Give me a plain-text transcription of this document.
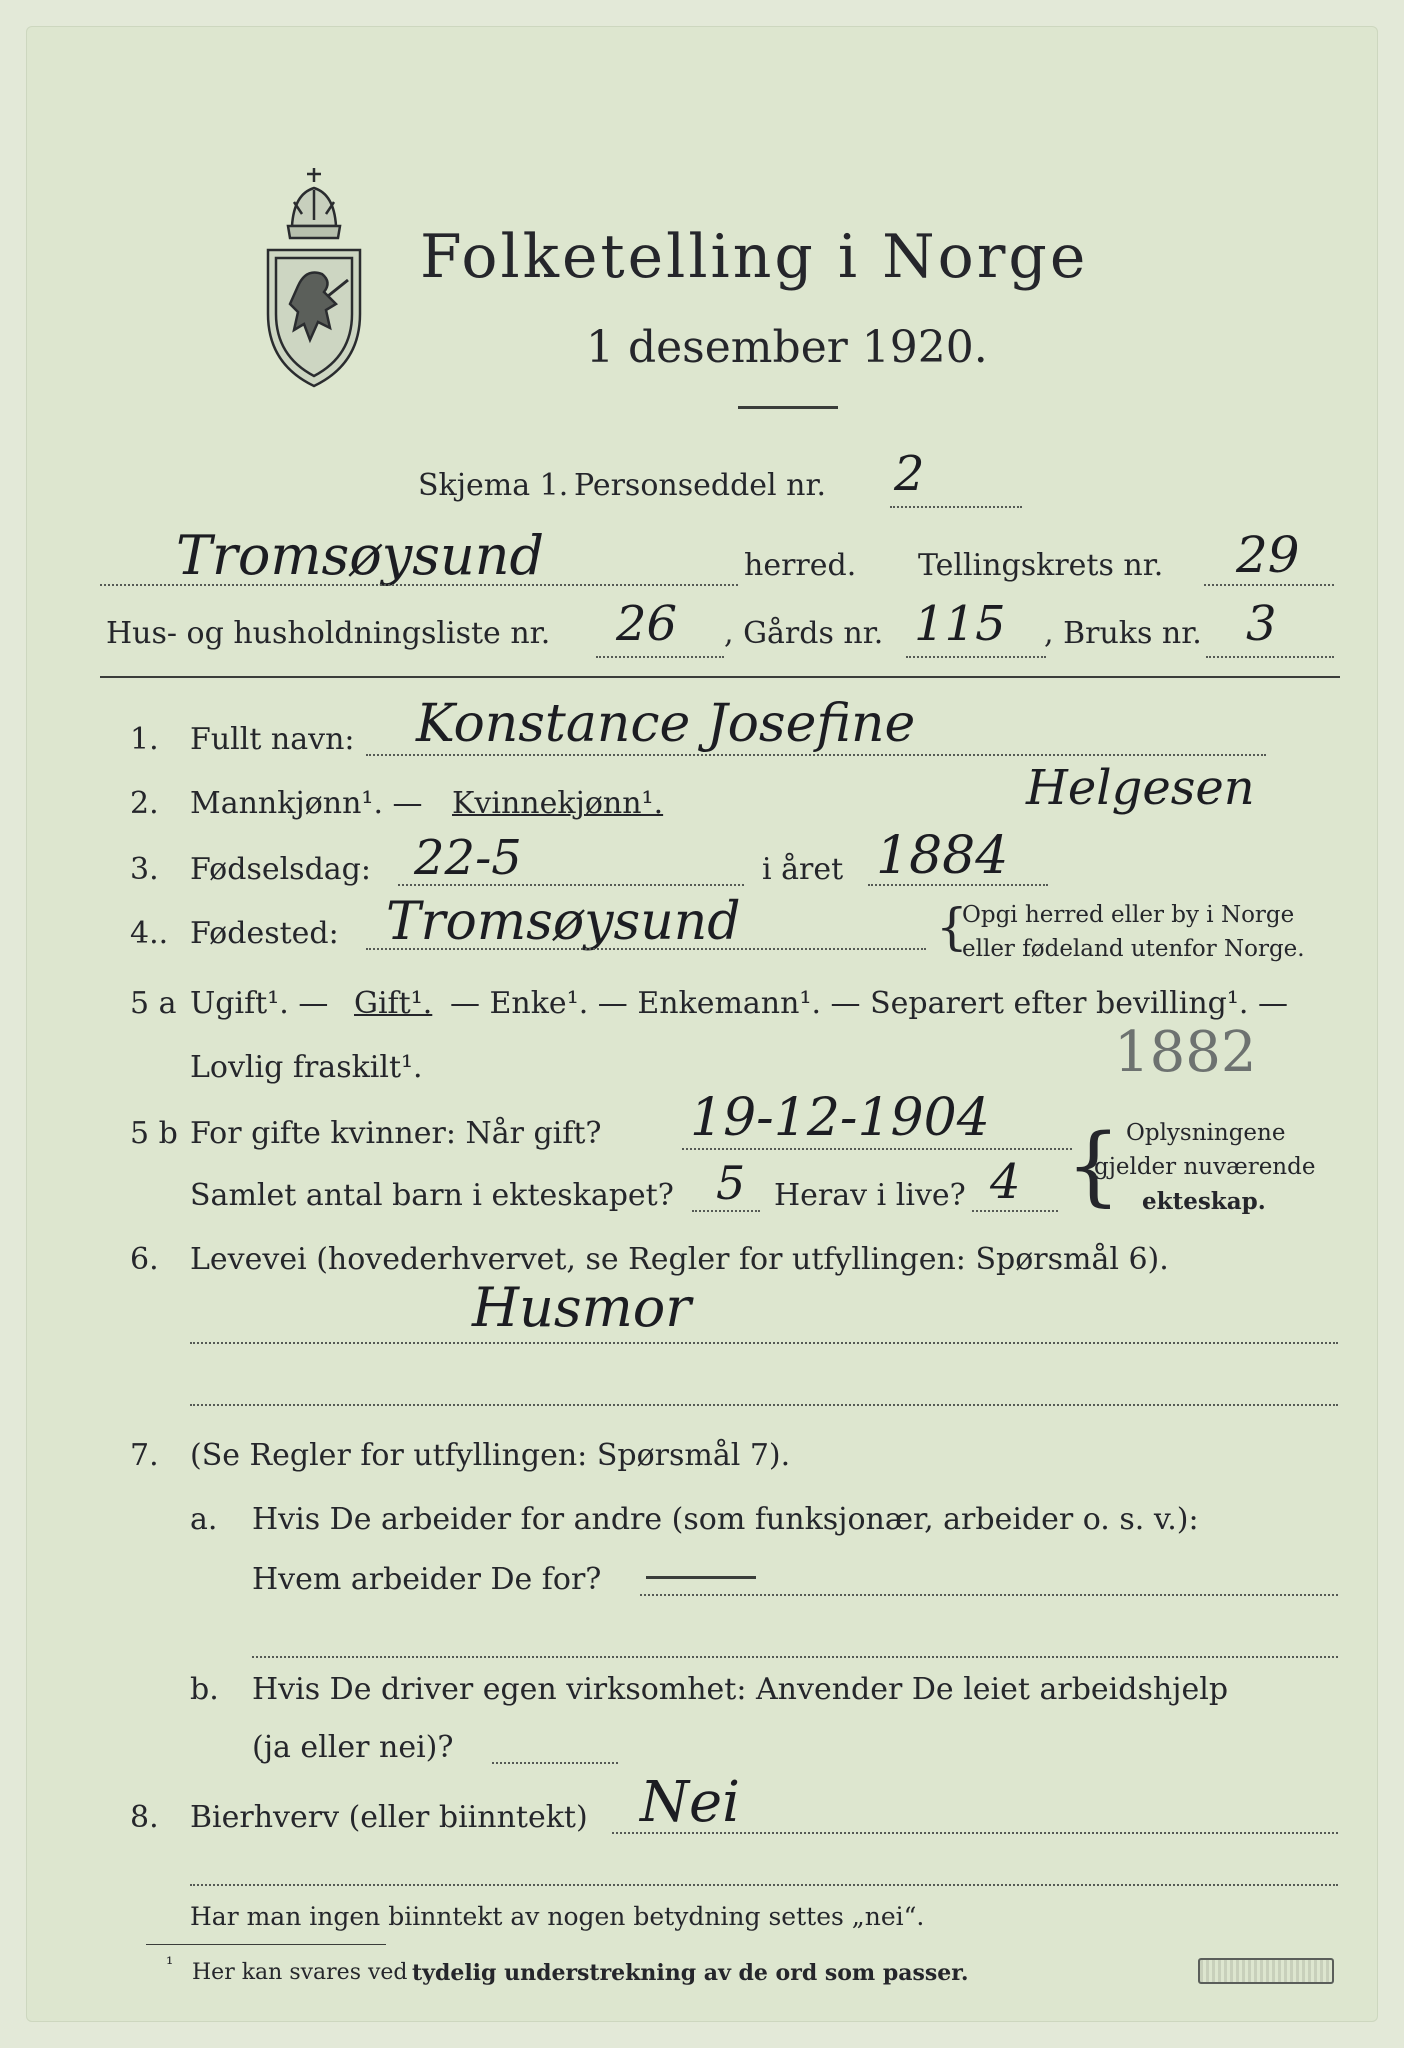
Folketelling i Norge
1 desember 1920.
Skjema 1. Personseddel nr. 2
Tromsøysund	herred. Tellingskrets nr. 29
Hus- og husholdningsliste nr. 26 , Gårds nr. 115 , Bruks nr. 3
1. Fullt navn: Konstance Josefine
Helgesen
2. Mannkjønn¹. — Kvinnekjønn¹.
3. Fødselsdag: 22-5	i året 1884
4.. Fødested: Tromsøysund	{
Opgi herred eller by i Norge
eller fødeland utenfor Norge.
5 a Ugift¹. — Gift¹. — Enke¹. — Enkemann¹. — Separert efter bevilling¹. —
Lovlig fraskilt¹.	1882
5 b For gifte kvinner: Når gift? 19-12-1904
Samlet antal barn i ekteskapet? 5 Herav i live? 4 { Oplysningene
gjelder nuværende
ekteskap.
6. Levevei (hovederhvervet, se Regler for utfyllingen: Spørsmål 6).
Husmor
7. (Se Regler for utfyllingen: Spørsmål 7).
a. Hvis De arbeider for andre (som funksjonær, arbeider o. s. v.):
Hvem arbeider De for?
b. Hvis De driver egen virksomhet: Anvender De leiet arbeidshjelp
(ja eller nei)?
8. Bierhverv (eller biinntekt) Nei
Har man ingen biinntekt av nogen betydning settes „nei“.
¹ Her kan svares ved tydelig understrekning av de ord som passer.
